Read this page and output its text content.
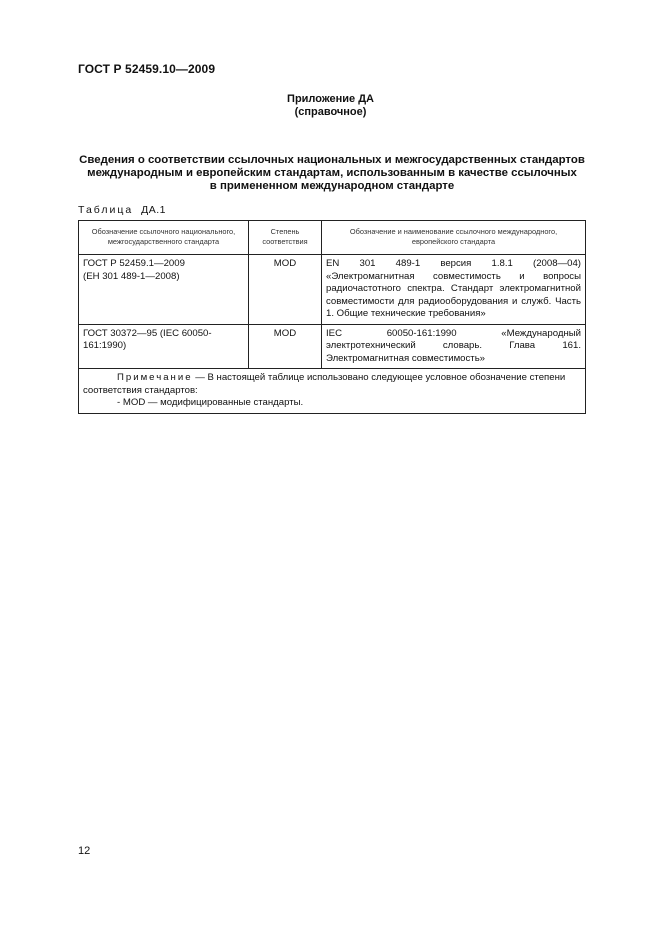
ГОСТ Р 52459.10—2009
Приложение ДА
(справочное)
Сведения о соответствии ссылочных национальных и межгосударственных стандартов
международным и европейским стандартам, использованным в качестве ссылочных
в примененном международном стандарте
Таблица ДА.1
Обозначение ссылочного национального, межгосударственного стандарта	Степень соответствия	Обозначение и наименование ссылочного международного, европейского стандарта

ГОСТ Р 52459.1—2009
(ЕН 301 489-1—2008)	MOD	EN 301 489-1 версия 1.8.1 (2008—04) «Электромагнитная совместимость и вопросы радиочастотного спектра. Стандарт электромагнитной совместимости для радиооборудования и служб. Часть 1. Общие технические требования»

ГОСТ 30372—95 (IEC 60050-
161:1990)	MOD	IEC 60050-161:1990 «Международный электротехнический словарь. Глава 161. Электромагнитная совместимость»

Примечание — В настоящей таблице использовано следующее условное обозначение степени соответствия стандартов:
- MOD — модифицированные стандарты.		
12
